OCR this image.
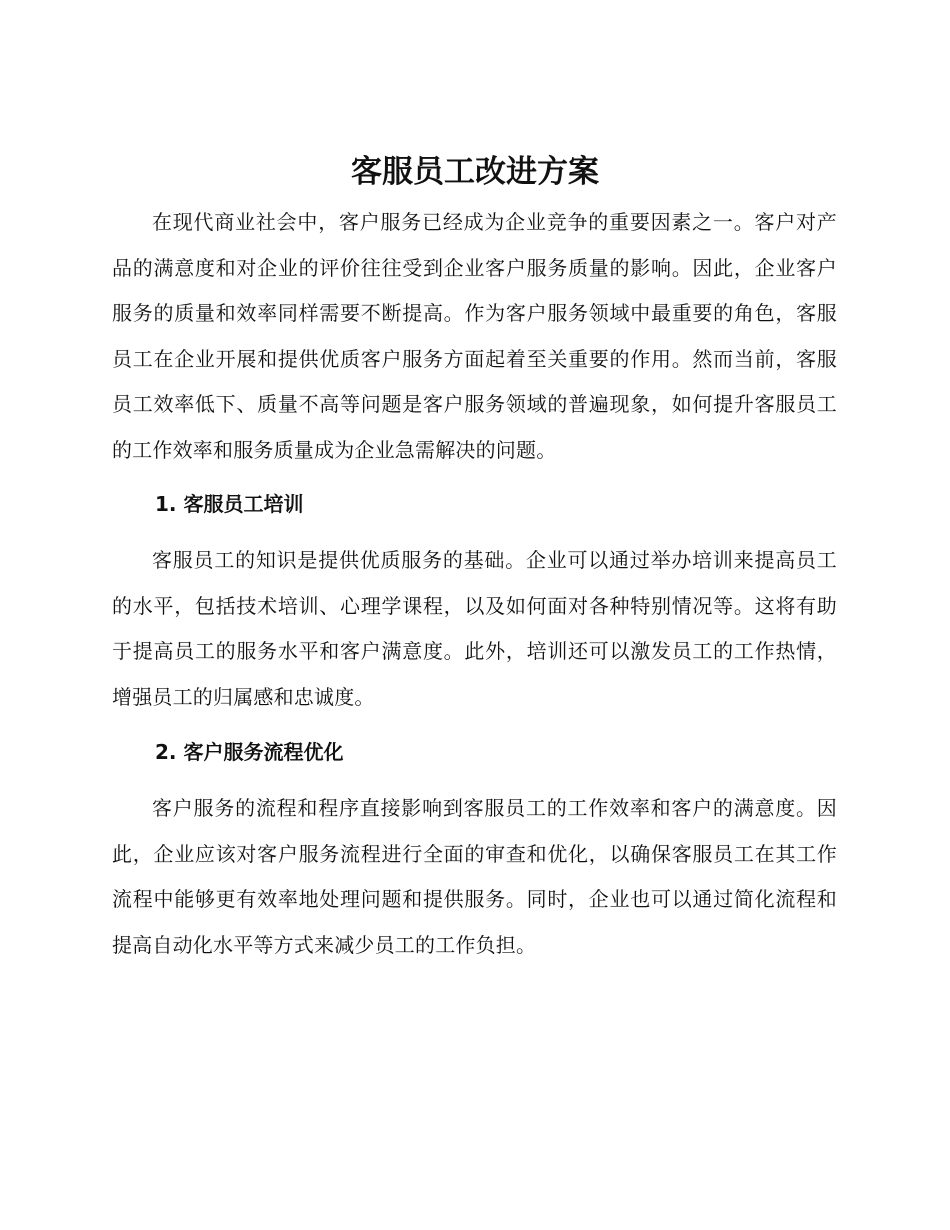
客服员工改进方案

在现代商业社会中，客户服务已经成为企业竞争的重要因素之一。客户对产品的满意度和对企业的评价往往受到企业客户服务质量的影响。因此，企业客户服务的质量和效率同样需要不断提高。作为客户服务领域中最重要的角色，客服员工在企业开展和提供优质客户服务方面起着至关重要的作用。然而当前，客服员工效率低下、质量不高等问题是客户服务领域的普遍现象，如何提升客服员工的工作效率和服务质量成为企业急需解决的问题。

1. 客服员工培训

客服员工的知识是提供优质服务的基础。企业可以通过举办培训来提高员工的水平，包括技术培训、心理学课程，以及如何面对各种特别情况等。这将有助于提高员工的服务水平和客户满意度。此外，培训还可以激发员工的工作热情，增强员工的归属感和忠诚度。

2. 客户服务流程优化

客户服务的流程和程序直接影响到客服员工的工作效率和客户的满意度。因此，企业应该对客户服务流程进行全面的审查和优化，以确保客服员工在其工作流程中能够更有效率地处理问题和提供服务。同时，企业也可以通过简化流程和提高自动化水平等方式来减少员工的工作负担。
